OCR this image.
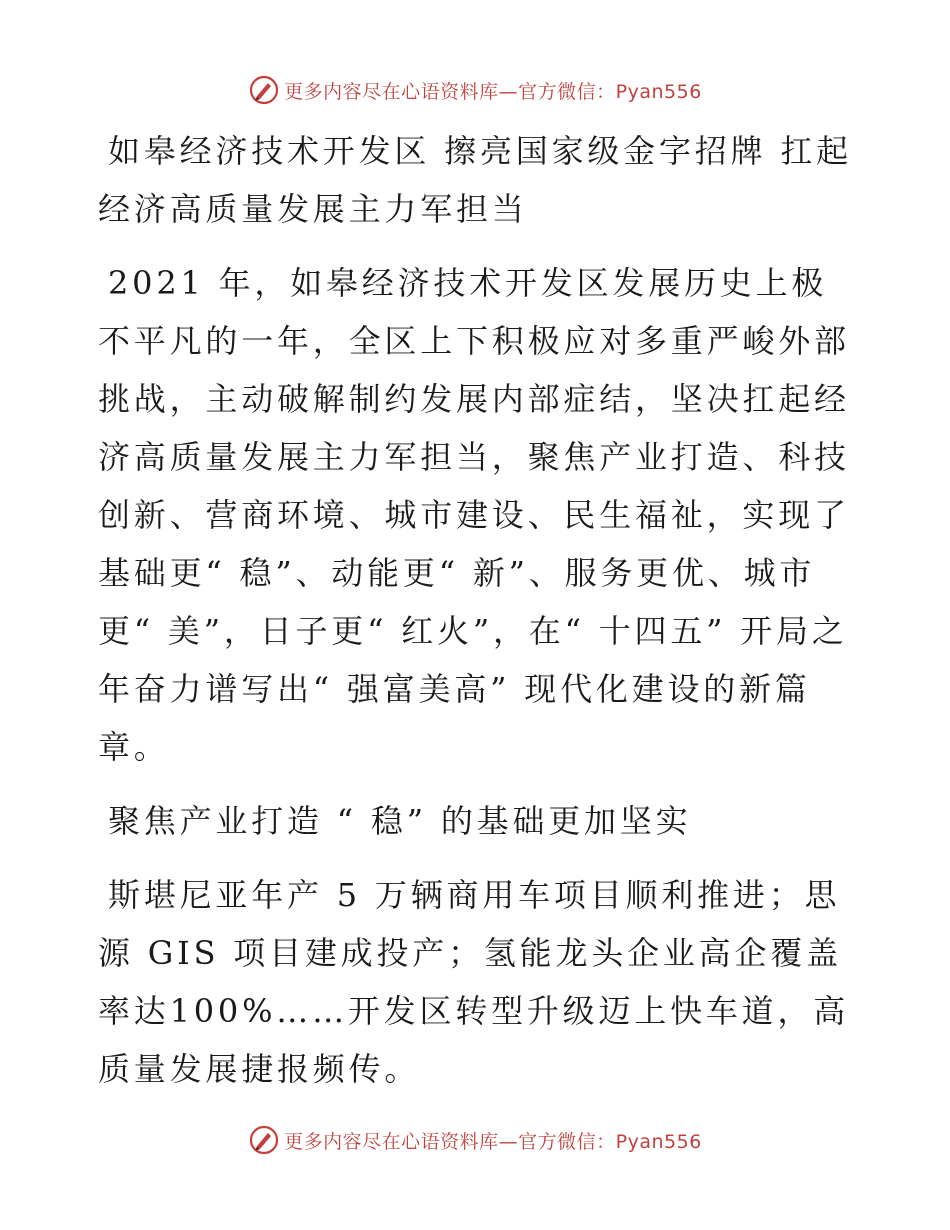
更多内容尽在心语资料库—官方微信：Pyan556

如皋经济技术开发区 擦亮国家级金字招牌 扛起经济高质量发展主力军担当

2021 年，如皋经济技术开发区发展历史上极不平凡的一年，全区上下积极应对多重严峻外部挑战，主动破解制约发展内部症结，坚决扛起经济高质量发展主力军担当，聚焦产业打造、科技创新、营商环境、城市建设、民生福祉，实现了基础更“ 稳”、动能更“ 新”、服务更优、城市更“ 美”，日子更“ 红火”，在“ 十四五” 开局之年奋力谱写出“ 强富美高” 现代化建设的新篇章。

聚焦产业打造 “ 稳” 的基础更加坚实

斯堪尼亚年产 5 万辆商用车项目顺利推进；思源 GIS 项目建成投产；氢能龙头企业高企覆盖率达100%……开发区转型升级迈上快车道，高质量发展捷报频传。

更多内容尽在心语资料库—官方微信：Pyan556
